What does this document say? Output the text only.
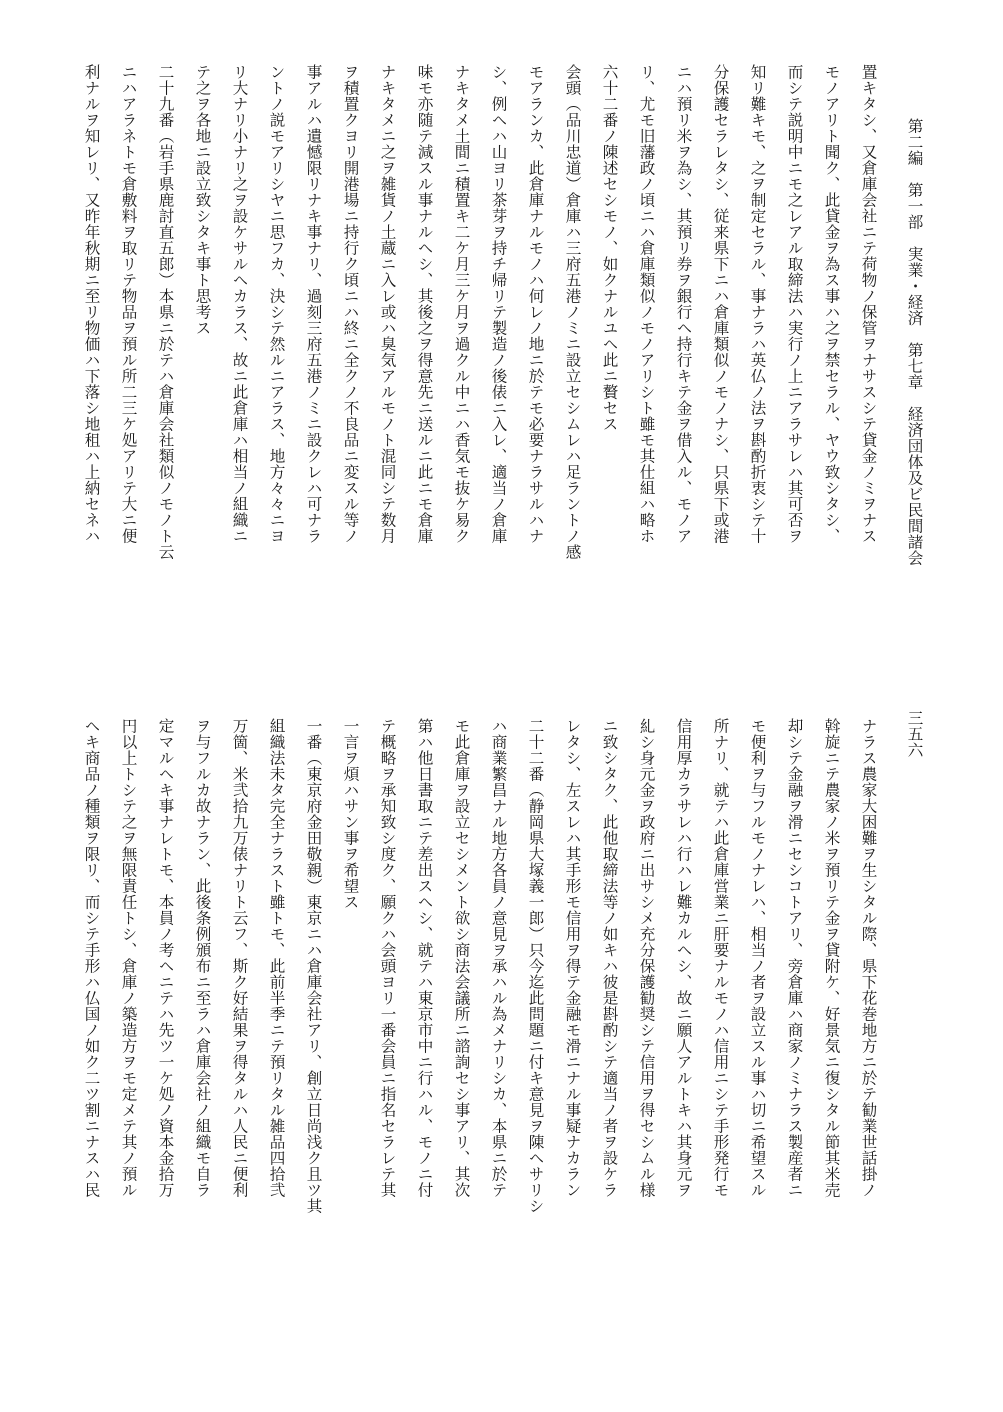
第二編　第一部　実業・経済　第七章　経済団体及ビ民間諸会
三五六
置キタシ、又倉庫会社ニテ荷物ノ保管ヲナサスシテ貸金ノミヲナス
モノアリト聞ク、此貸金ヲ為ス事ハ之ヲ禁セラル、ヤウ致シタシ、
而シテ説明中ニモ之レアル取締法ハ実行ノ上ニアラサレハ其可否ヲ
知リ難キモ、之ヲ制定セラル、事ナラハ英仏ノ法ヲ斟酌折衷シテ十
分保護セラレタシ、従来県下ニハ倉庫類似ノモノナシ、只県下或港
ニハ預リ米ヲ為シ、其預リ券ヲ銀行ヘ持行キテ金ヲ借入ル、モノア
リ、尤モ旧藩政ノ頃ニハ倉庫類似ノモノアリシト雖モ其仕組ハ略ホ
六十二番ノ陳述セシモノ、如クナルユヘ此ニ贅セス
会頭（品川忠道）倉庫ハ三府五港ノミニ設立セシムレハ足ラントノ感
モアランカ、此倉庫ナルモノハ何レノ地ニ於テモ必要ナラサルハナ
シ、例ヘハ山ヨリ茶芽ヲ持チ帰リテ製造ノ後俵ニ入レ、適当ノ倉庫
ナキタメ土間ニ積置キ二ケ月三ケ月ヲ過クル中ニハ香気モ抜ケ易ク
味モ亦随テ減スル事ナルヘシ、其後之ヲ得意先ニ送ルニ此ニモ倉庫
ナキタメニ之ヲ雑貨ノ土蔵ニ入レ或ハ臭気アルモノト混同シテ数月
ヲ積置クヨリ開港場ニ持行ク頃ニハ終ニ全クノ不良品ニ変スル等ノ
事アルハ遺憾限リナキ事ナリ、過刻三府五港ノミニ設クレハ可ナラ
ントノ説モアリシヤニ思フカ、決シテ然ルニアラス、地方々々ニヨ
リ大ナリ小ナリ之ヲ設ケサルヘカラス、故ニ此倉庫ハ相当ノ組織ニ
テ之ヲ各地ニ設立致シタキ事ト思考ス
二十九番（岩手県鹿討直五郎）本県ニ於テハ倉庫会社類似ノモノト云
ニハアラネトモ倉敷料ヲ取リテ物品ヲ預ル所二三ケ処アリテ大ニ便
利ナルヲ知レリ、又昨年秋期ニ至リ物価ハ下落シ地租ハ上納セネハ
ナラス農家大困難ヲ生シタル際、県下花巻地方ニ於テ勧業世話掛ノ
斡旋ニテ農家ノ米ヲ預リテ金ヲ貸附ケ、好景気ニ復シタル節其米売
却シテ金融ヲ滑ニセシコトアリ、旁倉庫ハ商家ノミナラス製産者ニ
モ便利ヲ与フルモノナレハ、相当ノ者ヲ設立スル事ハ切ニ希望スル
所ナリ、就テハ此倉庫営業ニ肝要ナルモノハ信用ニシテ手形発行モ
信用厚カラサレハ行ハレ難カルヘシ、故ニ願人アルトキハ其身元ヲ
糺シ身元金ヲ政府ニ出サシメ充分保護勧奨シテ信用ヲ得セシムル様
ニ致シタク、此他取締法等ノ如キハ彼是斟酌シテ適当ノ者ヲ設ケラ
レタシ、左スレハ其手形モ信用ヲ得テ金融モ滑ニナル事疑ナカラン
二十二番（静岡県大塚義一郎）只今迄此問題ニ付キ意見ヲ陳ヘサリシ
ハ商業繁昌ナル地方各員ノ意見ヲ承ハル為メナリシカ、本県ニ於テ
モ此倉庫ヲ設立セシメント欲シ商法会議所ニ諮詢セシ事アリ、其次
第ハ他日書取ニテ差出スヘシ、就テハ東京市中ニ行ハル、モノニ付
テ概略ヲ承知致シ度ク、願クハ会頭ヨリ一番会員ニ指名セラレテ其
一言ヲ煩ハサン事ヲ希望ス
一番（東京府金田敬親）東京ニハ倉庫会社アリ、創立日尚浅ク且ツ其
組織法未タ完全ナラスト雖トモ、此前半季ニテ預リタル雑品四拾弐
万箇、米弐拾九万俵ナリト云フ、斯ク好結果ヲ得タルハ人民ニ便利
ヲ与フルカ故ナラン、此後条例頒布ニ至ラハ倉庫会社ノ組織モ自ラ
定マルヘキ事ナレトモ、本員ノ考ヘニテハ先ツ一ケ処ノ資本金拾万
円以上トシテ之ヲ無限責任トシ、倉庫ノ築造方ヲモ定メテ其ノ預ル
ヘキ商品ノ種類ヲ限リ、而シテ手形ハ仏国ノ如ク二ツ割ニナスハ民
